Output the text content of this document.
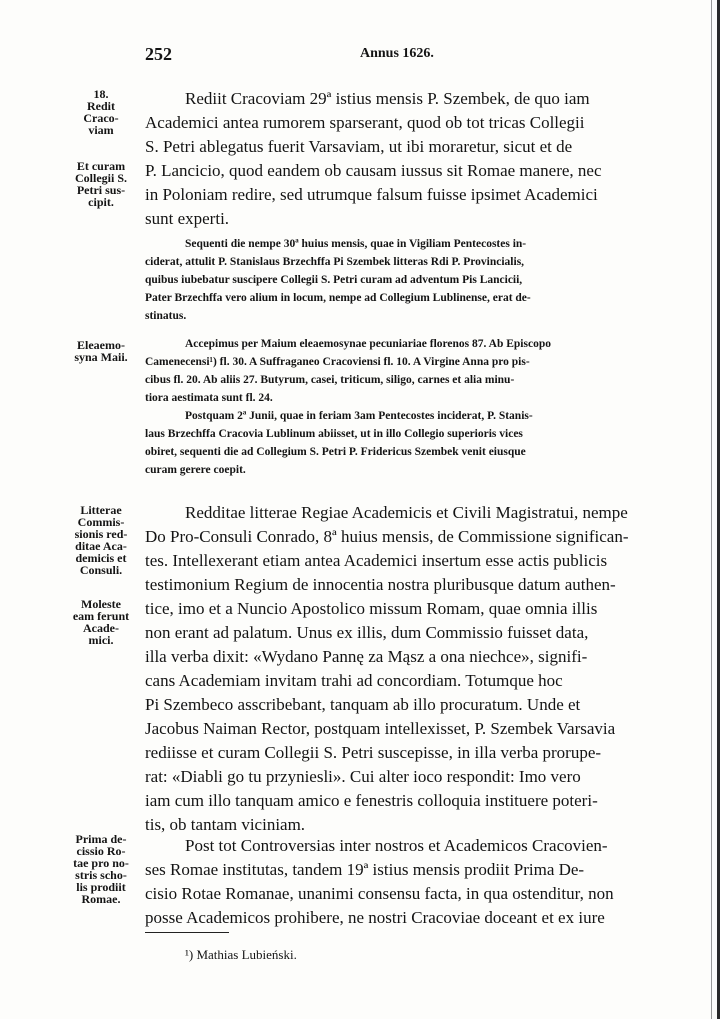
252	Annus 1626.
18.
Redit
Craco-
viam
Et curam
Collegii S.
Petri sus-
cipit.
Eleaemo-
syna Maii.
Litterae
Commis-
sionis red-
ditae Aca-
demicis et
Consuli.
Moleste
eam ferunt
Acade-
mici.
Prima de-
cissio Ro-
tae pro no-
stris scho-
lis prodiit
Romae.
Rediit Cracoviam 29ª istius mensis P. Szembek, de quo iam
Academici antea rumorem sparserant, quod ob tot tricas Collegii
S. Petri ablegatus fuerit Varsaviam, ut ibi moraretur, sicut et de
P. Lancicio, quod eandem ob causam iussus sit Romae manere, nec
in Poloniam redire, sed utrumque falsum fuisse ipsimet Academici
sunt experti.
Sequenti die nempe 30ª huius mensis, quae in Vigiliam Pentecostes in-
ciderat, attulit P. Stanislaus Brzechffa Pi Szembek litteras Rdi P. Provincialis,
quibus iubebatur suscipere Collegii S. Petri curam ad adventum Pis Lancicii,
Pater Brzechffa vero alium in locum, nempe ad Collegium Lublinense, erat de-
stinatus.
Accepimus per Maium eleaemosynae pecuniariae florenos 87. Ab Episcopo
Camenecensi¹) fl. 30. A Suffraganeo Cracoviensi fl. 10. A Virgine Anna pro pis-
cibus fl. 20. Ab aliis 27. Butyrum, casei, triticum, siligo, carnes et alia minu-
tiora aestimata sunt fl. 24.
Postquam 2ª Junii, quae in feriam 3am Pentecostes inciderat, P. Stanis-
laus Brzechffa Cracovia Lublinum abiisset, ut in illo Collegio superioris vices
obiret, sequenti die ad Collegium S. Petri P. Fridericus Szembek venit eiusque
curam gerere coepit.
Redditae litterae Regiae Academicis et Civili Magistratui, nempe
Do Pro-Consuli Conrado, 8ª huius mensis, de Commissione significan-
tes. Intellexerant etiam antea Academici insertum esse actis publicis
testimonium Regium de innocentia nostra pluribusque datum authen-
tice, imo et a Nuncio Apostolico missum Romam, quae omnia illis
non erant ad palatum. Unus ex illis, dum Commissio fuisset data,
illa verba dixit: «Wydano Pannę za Mąsz a ona niechce», signifi-
cans Academiam invitam trahi ad concordiam. Totumque hoc
Pi Szembeco asscribebant, tanquam ab illo procuratum. Unde et
Jacobus Naiman Rector, postquam intellexisset, P. Szembek Varsavia
rediisse et curam Collegii S. Petri suscepisse, in illa verba prorupe-
rat: «Diabli go tu przyniesli». Cui alter ioco respondit: Imo vero
iam cum illo tanquam amico e fenestris colloquia instituere poteri-
tis, ob tantam viciniam.
Post tot Controversias inter nostros et Academicos Cracovien-
ses Romae institutas, tandem 19ª istius mensis prodiit Prima De-
cisio Rotae Romanae, unanimi consensu facta, in qua ostenditur, non
posse Academicos prohibere, ne nostri Cracoviae doceant et ex iure
¹) Mathias Lubieński.
